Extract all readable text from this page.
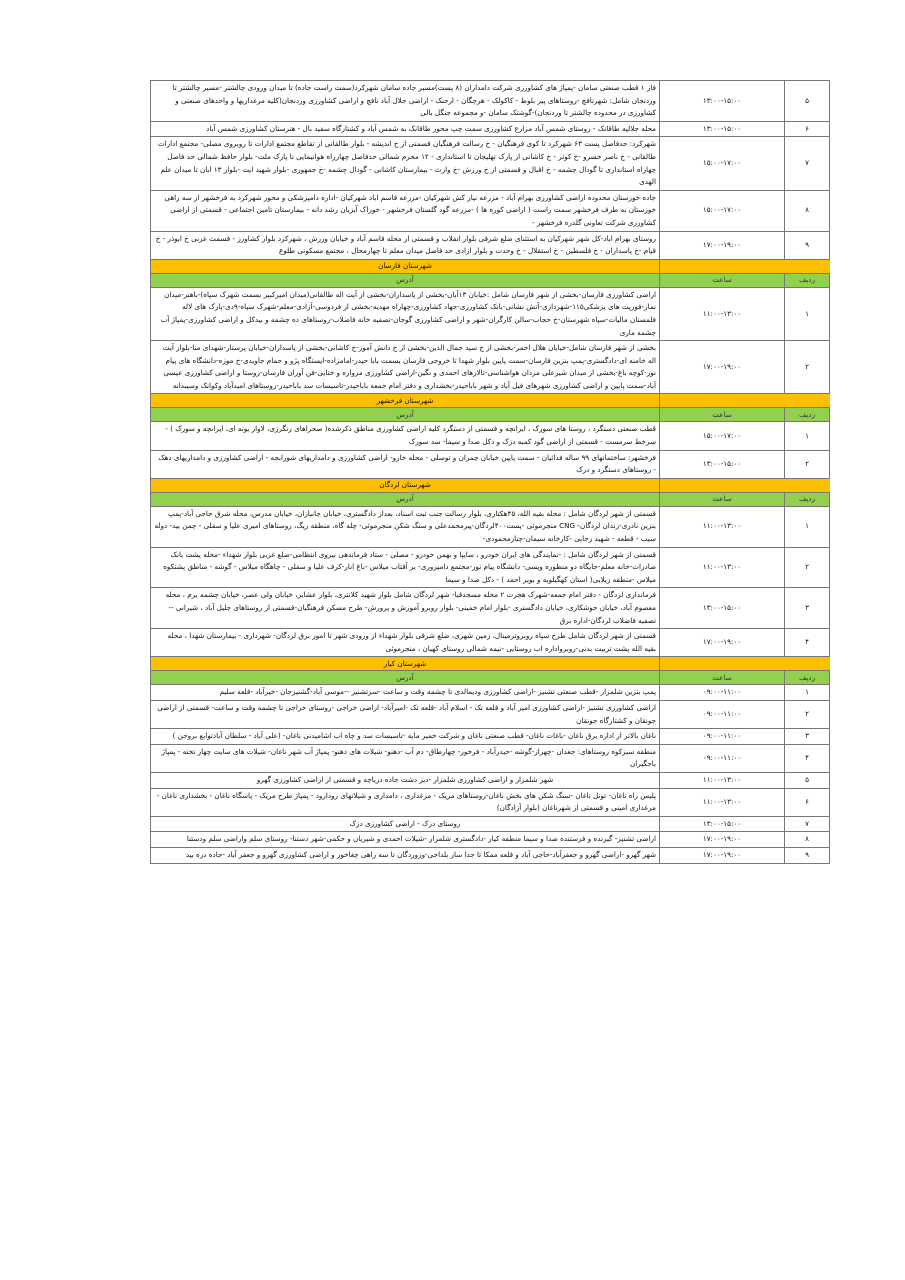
۵	۱۳:۰۰-۱۵:۰۰	فاز ۱ قطب صنعتی سامان -پمپاژ های کشاورزی شرکت دامداران (۸ پست)مسیر جاده سامان شهرکرد(سمت راست جاده) تا میدان ورودی چالشتر -مسیر چالشتر تا وردنجان شامل: شهرنافچ -روستاهای پیر بلوط - کاکولک - هرچگان - ارجنک - اراضی جلال آباد نافچ و اراضی کشاورزی وردنجان(کلیه مرغداریها و واحدهای صنعتی و کشاورزی در محدوده چالشتر تا وردنجان)-گوشتک سامان -و مجموعه جنگل بالی
۶	۱۳:۰۰-۱۵:۰۰	محله جلالیه طاقانک - روستای شمس آباد مزارع کشاورزی سمت چپ محور طاقانک به شمس آباد و کشتارگاه سفید بال - هنرستان کشاورزی شمس آباد
۷	۱۵:۰۰-۱۷:۰۰	شهرکرد: حدفاصل پست ۶۳ شهرکرد تا کوی فرهنگیان - خ رسالت فرهنگیان قسمتی از خ اندیشه - بلوار طالقانی از تقاطع مجتمع ادارات تا روبروی مصلی- مجتمع ادارات طالقانی - خ ناصر خسرو -خ کوثر - خ کاشانی از پارک تهلیجان تا استانداری - ۱۲ محرم شمالی حدفاصل چهارراه هوانیمایی تا پارک ملت- بلوار حافظ شمالی حد فاصل چهاراه استانداری تا گودال چشمه - خ اقبال و قسمتی از خ ورزش -خ وارث - بیمارستان کاشانی - گودال چشمه -خ جمهوری -بلوار شهید ایت -بلوار ۱۳ ابان تا میدان علم الهدی
۸	۱۵:۰۰-۱۷:۰۰	جاده خوزستان محدوده اراضی کشاورزی بهرام آباد - مزرعه نیاز کش شهرکیان -مزرعه قاسم اباد شهرکیان -اداره دامپزشکی و محور شهرکرد به فرخشهر از سه راهی خوزستان به طرف فرخشهر سمت راست ( اراضی کوره ها ) -مزرعه گود گلستان فرخشهر - خوراک آبزیان رشد دانه - بیمارستان تامین اجتماعی - قسمتی از اراضی کشاورزی شرکت تعاونی گلدره فرخشهر -
۹	۱۷:۰۰-۱۹:۰۰	روستای بهرام اباد-کل شهر شهرکیان به استثنای ضلع شرقی بلوار انقلاب و قسمتی از محله قاسم آباد و خیابان ورزش ، شهرکرد بلوار کشاورز - قسمت غربی خ ابوذر - خ قیام -خ پاسداران - خ فلسطین - خ استقلال - خ وحدت و بلوار ازادی حد فاصل میدان معلم تا چهارمحال ، مجتمع مسکونی طلوع
		شهرستان فارسان
ردیف	ساعت	آدرس
۱	۱۱:۰۰-۱۳:۰۰	اراضی کشاورزی فارسان-بخشی از شهر فارسان شامل :خیابان ۱۳آبان-بخشی از پاسداران-بخشی از آیت اله طالقانی(میدان امیرکبیر بسمت شهرک سپاه)-باهنر-میدان نماز-فوریت های پزشکی۱۱۵-شهرداری-آتش نشانی-بانک کشاورزی-جهاد کشاورزی-چهاراه مهدیه-بخشی از فردوسی-آزادی-معلم-شهرک سپاه-۹دی-پارک های لاله فلمستان مالیات-سپاه شهرستان-خ حجاب-سالن کارگران-شهر و اراضی کشاورزی گوجان-تصفیه خانه فاضلاب-روستاهای ده چشمه و بیدکل و اراضی کشاورزی-پمپاژ آب چشمه ماری
۲	۱۷:۰۰-۱۹:۰۰	بخشی از شهر فارسان شامل-خیابان هلال احمر-بخشی از خ سید جمال الدین-بخشی از خ دانش آموز-خ کاشانی-بخشی از پاسداران-خیابان پرستار-شهدای منا-بلوار آیت اله خامنه ای-دادگستری-پمپ بنزین فارسان-سمت پایین بلوار شهدا تا خروجی فارسان بسمت بابا حیدر-امامزاده-ایستگاه پژو و حمام جاویدی-خ موزه-دانشگاه های پیام نور-کوچه باغ-بخشی از میدان شیرعلی مردان هواشناسی-تالارهای احمدی و نگین-اراضی کشاورزی مرواره و ختایی-فن آوران فارسان-روستا و اراضی کشاورزی عیسی آباد-سمت پایین و اراضی کشاورزی شهرهای فیل آباد و شهر باباحیدر-بخشداری و دفتر امام جمعه باباحیدر-تاسیسات سد باباحیدر-روستاهای امیدآباد وکوانک وسیبدانه
		شهرستان فرخشهر
ردیف	ساعت	آدرس
۱	۱۵:۰۰-۱۷:۰۰	قطب صنعتی دستگرد ، روستا های سورک ، ایرانچه و قسمتی از دستگرد کلیه اراضی کشاورزی مناطق ذکرشده( صحراهای رنگرزی، لاوار یونه ای، ایرانچه و سورک ) - سرخط سرمست - قسمتی از اراضی گود کمبه دزک و دکل صدا و سیما- سد سورک
۲	۱۳:۰۰-۱۵:۰۰	فرخشهر: ساختمانهای ۹۹ ساله فدائیان - سمت پایین خیابان چمران و توسلی - محله خارو- اراضی کشاورزی و دامداریهای شورابجه - اراضی کشاورزی و دامداریهای دهک - روستاهای دستگرد و دزک
		شهرستان لردگان
ردیف	ساعت	آدرس
۱	۱۱:۰۰-۱۳:۰۰	قسمتی از شهر لردگان شامل : محله بقیه الله، ۴۵هکتاری، بلوار رسالت جنب ثبت اسناد، بعداز دادگستری، خیابان جانبازان، خیابان مدرس، محله شرق حاجی آباد-پمپ بنزین نادری-زندان لردگان- CNG منجرموئی -پست۴۰۰لردگان-پیرمحمدعلی و سنگ شکن منجرموئی- چله گاه، منطقه ریگ، روستاهای امیری علیا و سفلی - چمن بید- دوله سیب - قطعه - شهید رجایی -کارخانه سیمان-چنارمحمودی-
۲	۱۱:۰۰-۱۳:۰۰	قسمتی از شهر لردگان شامل : -نمایندگی های ایران خودرو ، سایپا و بهمن خودرو - مصلی - ستاد فرماندهی نیروی انتظامی-ضلع غربی بلوار شهداء -محله پشت بانک صادرات-خانه معلم-جایگاه دو منظوره ویسی- دانشگاه پیام نور-مجتمع دامپروری- بر آفتاب میلاس -باغ انار-کرف علیا و سفلی - چاهگاه میلاس - گوشه - مناطق پشتکوه میلاس -منطقه زیلایی( استان کهگیلویه و بویر احمد ) - دکل صدا و سیما
۳	۱۳:۰۰-۱۵:۰۰	فرمانداری لردگان - دفتر امام جمعه-شهرک هجرت ۲ محله مسجدقبا- شهر لردگان شامل بلوار شهید کلانتری، بلوار عشایر، خیابان ولی عصر، خیابان چشمه برم ، محله معصوم آباد، خیابان جوشکاری، خیابان دادگستری -بلوار امام خمینی- بلوار روبرو آموزش و پرورش- طرح مسکن فرهنگیان-قسمتی از روستاهای جلیل آباد ، شیرانی -- تصفیه فاضلاب لردگان-اداره برق
۴	۱۷:۰۰-۱۹:۰۰	قسمتی از شهر لردگان شامل طرح سپاه روبروترمینال، زمین شهری، ضلع شرقی بلوار شهداء از ورودی شهر تا امور برق لردگان- شهرداری - بیمارستان شهدا ، محله بقیه الله پشت تربیت بدنی-روبرواداره اب روستایی -نیمه شمالی روستای کهیان ، منجرموئی
		شهرستان کیار
ردیف	ساعت	آدرس
۱	۰۹:۰۰-۱۱:۰۰	پمپ بنزین شلمزار -قطب صنعتی تشنیز -اراضی کشاورزی ودیمالدی تا چشمه وقت و ساعت -سرتشنیز --موسی آباد-گشنیزجان -خیرآباد -قلعه سلیم
۲	۰۹:۰۰-۱۱:۰۰	اراضی کشاورزی تشنیز -اراضی کشاورزی امیر آباد و قلعه تک - اسلام آباد -قلعه تک -امیرآباد- اراضی خراجی -روستای خراجی تا چشمه وقت و ساعت- قسمتی از اراضی جونقان و کشتارگاه جونقان
۳	۰۹:۰۰-۱۱:۰۰	ناغان بالاتر از اداره برق ناغان -باغات ناغان- قطب صنعتی ناغان و شرکت خمیر مایه -تاسیسات سد و چاه اب اشامیدنی ناغان- (علی آباد - سلطان آبادتوابع بروجن )
۴	۰۹:۰۰-۱۱:۰۰	منطقه سبزکوه روستاهای: جغدان -چهراز-گوشه -حیدرآباد - فرخور- چهارطاق- دم آب -دهنو- شیلات های دهنو- پمپاژ آب شهر ناغان- شیلات های سایت چهار تخته - پمپاژ باجگیران
۵	۱۱:۰۰-۱۳:۰۰	شهر شلمزار و اراضی کشاورزی شلمزار -دیز دشت جاده دریاچه و قسمتی از اراضی کشاورزی گهرو
۶	۱۱:۰۰-۱۳:۰۰	پلیس راه ناغان- تونل ناغان -سنگ شکن های بخش ناغان-روستاهای مریک - مرغداری ، دامداری و شیلاتهای رودارود - پمپاژ طرح مریک - پاسگاه ناغان - بخشداری ناغان - مرغداری امینی و قسمتی از شهرناغان (بلوار آزادگان)
۷	۱۳:۰۰-۱۵:۰۰	روستای دزک - اراضی کشاورزی دزک
۸	۱۷:۰۰-۱۹:۰۰	اراضی تشنیز- گیرنده و فرستنده صدا و سیما منطقه کیار -دادگستری شلمزار -شیلات احمدی و شیریان و حکمی-شهر دستنا- روستای سلم واراضی سلم ودستنا
۹	۱۷:۰۰-۱۹:۰۰	شهر گهرو -اراضی گهرو و جعفرآباد-حاجی آباد و قلعه ممکا تا جدا ساز بلداجی-وزوردگان تا سه راهی چغاخور و اراضی کشاورزی گهرو و جعفر آباد -جاده دره بید
